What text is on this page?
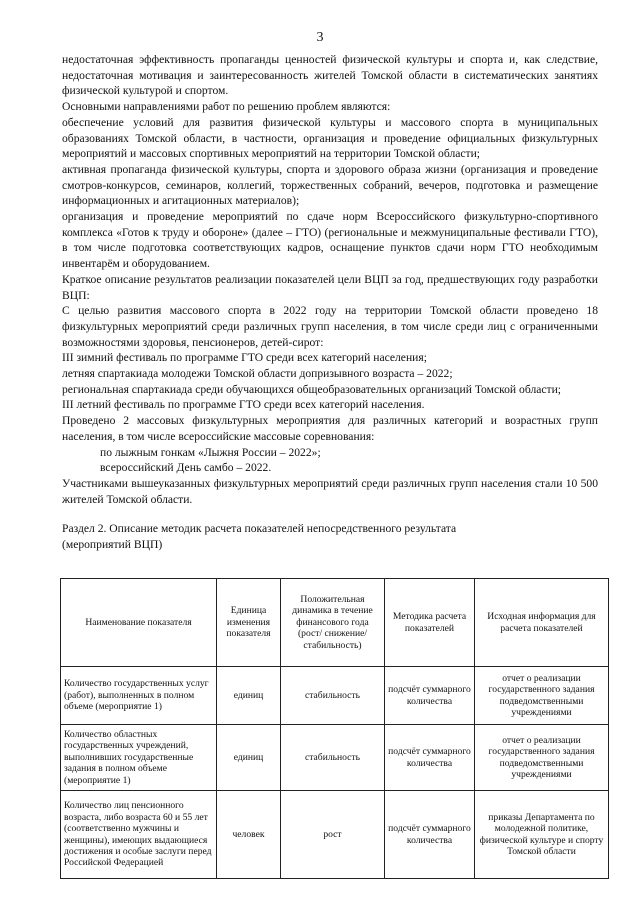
3

недостаточная эффективность пропаганды ценностей физической культуры и спорта и, как следствие, недостаточная мотивация и заинтересованность жителей Томской области в систематических занятиях физической культурой и спортом.

Основными направлениями работ по решению проблем являются:

обеспечение условий для развития физической культуры и массового спорта в муниципальных образованиях Томской области, в частности, организация и проведение официальных физкультурных мероприятий и массовых спортивных мероприятий на территории Томской области;

активная пропаганда физической культуры, спорта и здорового образа жизни (организация и проведение смотров-конкурсов, семинаров, коллегий, торжественных собраний, вечеров, подготовка и размещение информационных и агитационных материалов);

организация и проведение мероприятий по сдаче норм Всероссийского физкультурно-спортивного комплекса «Готов к труду и обороне» (далее – ГТО) (региональные и межмуниципальные фестивали ГТО), в том числе подготовка соответствующих кадров, оснащение пунктов сдачи норм ГТО необходимым инвентарём и оборудованием.

Краткое описание результатов реализации показателей цели ВЦП за год, предшествующих году разработки ВЦП:

С целью развития массового спорта в 2022 году на территории Томской области проведено 18 физкультурных мероприятий среди различных групп населения, в том числе среди лиц с ограниченными возможностями здоровья, пенсионеров, детей-сирот:

III зимний фестиваль по программе ГТО среди всех категорий населения;

летняя спартакиада молодежи Томской области допризывного возраста – 2022;

региональная спартакиада среди обучающихся общеобразовательных организаций Томской области;

III летний фестиваль по программе ГТО среди всех категорий населения.

Проведено 2 массовых физкультурных мероприятия для различных категорий и возрастных групп населения, в том числе всероссийские массовые соревнования:

по лыжным гонкам «Лыжня России – 2022»;

всероссийский День самбо – 2022.

Участниками вышеуказанных физкультурных мероприятий среди различных групп населения стали 10 500 жителей Томской области.

Раздел 2. Описание методик расчета показателей непосредственного результата
(мероприятий ВЦП)

Наименование показателя	Единица изменения показателя	Положительная динамика в течение финансового года (рост/ снижение/ стабильность)	Методика расчета показателей	Исходная информация для расчета показателей
Количество государственных услуг (работ), выполненных в полном объеме (мероприятие 1)	единиц	стабильность	подсчёт суммарного количества	отчет о реализации государственного задания подведомственными учреждениями
Количество областных государственных учреждений, выполнивших государственные задания в полном объеме (мероприятие 1)	единиц	стабильность	подсчёт суммарного количества	отчет о реализации государственного задания подведомственными учреждениями
Количество лиц пенсионного возраста, либо возраста 60 и 55 лет (соответственно мужчины и женщины), имеющих выдающиеся достижения и особые заслуги перед Российской Федерацией	человек	рост	подсчёт суммарного количества	приказы Департамента по молодежной политике, физической культуре и спорту Томской области
